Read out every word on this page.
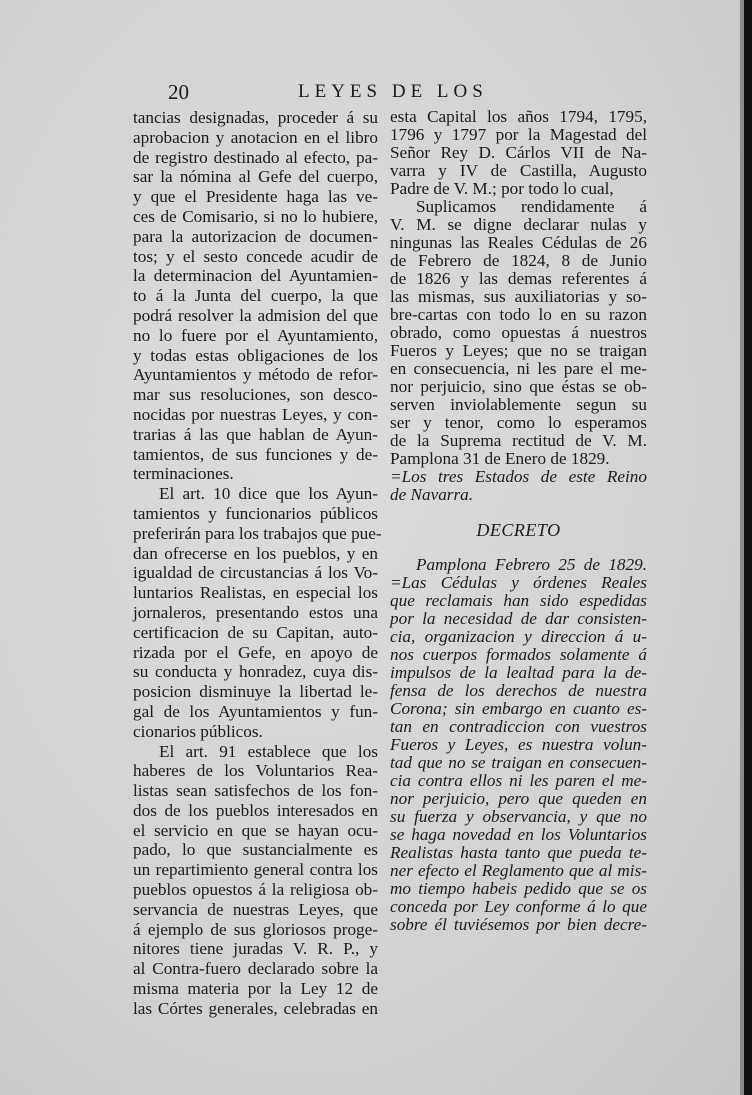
20	LEYES DE LOS
tancias designadas, proceder á su
aprobacion y anotacion en el libro
de registro destinado al efecto, pa-
sar la nómina al Gefe del cuerpo,
y que el Presidente haga las ve-
ces de Comisario, si no lo hubiere,
para la autorizacion de documen-
tos; y el sesto concede acudir de
la determinacion del Ayuntamien-
to á la Junta del cuerpo, la que
podrá resolver la admision del que
no lo fuere por el Ayuntamiento,
y todas estas obligaciones de los
Ayuntamientos y método de refor-
mar sus resoluciones, son desco-
nocidas por nuestras Leyes, y con-
trarias á las que hablan de Ayun-
tamientos, de sus funciones y de-
terminaciones.
El art. 10 dice que los Ayun-
tamientos y funcionarios públicos
preferirán para los trabajos que pue-
dan ofrecerse en los pueblos, y en
igualdad de circustancias á los Vo-
luntarios Realistas, en especial los
jornaleros, presentando estos una
certificacion de su Capitan, auto-
rizada por el Gefe, en apoyo de
su conducta y honradez, cuya dis-
posicion disminuye la libertad le-
gal de los Ayuntamientos y fun-
cionarios públicos.
El art. 91 establece que los
haberes de los Voluntarios Rea-
listas sean satisfechos de los fon-
dos de los pueblos interesados en
el servicio en que se hayan ocu-
pado, lo que sustancialmente es
un repartimiento general contra los
pueblos opuestos á la religiosa ob-
servancia de nuestras Leyes, que
á ejemplo de sus gloriosos proge-
nitores tiene juradas V. R. P., y
al Contra-fuero declarado sobre la
misma materia por la Ley 12 de
las Córtes generales, celebradas en
esta Capital los años 1794, 1795,
1796 y 1797 por la Magestad del
Señor Rey D. Cárlos VII de Na-
varra y IV de Castilla, Augusto
Padre de V. M.; por todo lo cual,
Suplicamos rendidamente á
V. M. se digne declarar nulas y
ningunas las Reales Cédulas de 26
de Febrero de 1824, 8 de Junio
de 1826 y las demas referentes á
las mismas, sus auxiliatorias y so-
bre-cartas con todo lo en su razon
obrado, como opuestas á nuestros
Fueros y Leyes; que no se traigan
en consecuencia, ni les pare el me-
nor perjuicio, sino que éstas se ob-
serven inviolablemente segun su
ser y tenor, como lo esperamos
de la Suprema rectitud de V. M.
Pamplona 31 de Enero de 1829.
=Los tres Estados de este Reino
de Navarra.
DECRETO
Pamplona Febrero 25 de 1829.
=Las Cédulas y órdenes Reales
que reclamais han sido espedidas
por la necesidad de dar consisten-
cia, organizacion y direccion á u-
nos cuerpos formados solamente á
impulsos de la lealtad para la de-
fensa de los derechos de nuestra
Corona; sin embargo en cuanto es-
tan en contradiccion con vuestros
Fueros y Leyes, es nuestra volun-
tad que no se traigan en consecuen-
cia contra ellos ni les paren el me-
nor perjuicio, pero que queden en
su fuerza y observancia, y que no
se haga novedad en los Voluntarios
Realistas hasta tanto que pueda te-
ner efecto el Reglamento que al mis-
mo tiempo habeis pedido que se os
conceda por Ley conforme á lo que
sobre él tuviésemos por bien decre-
